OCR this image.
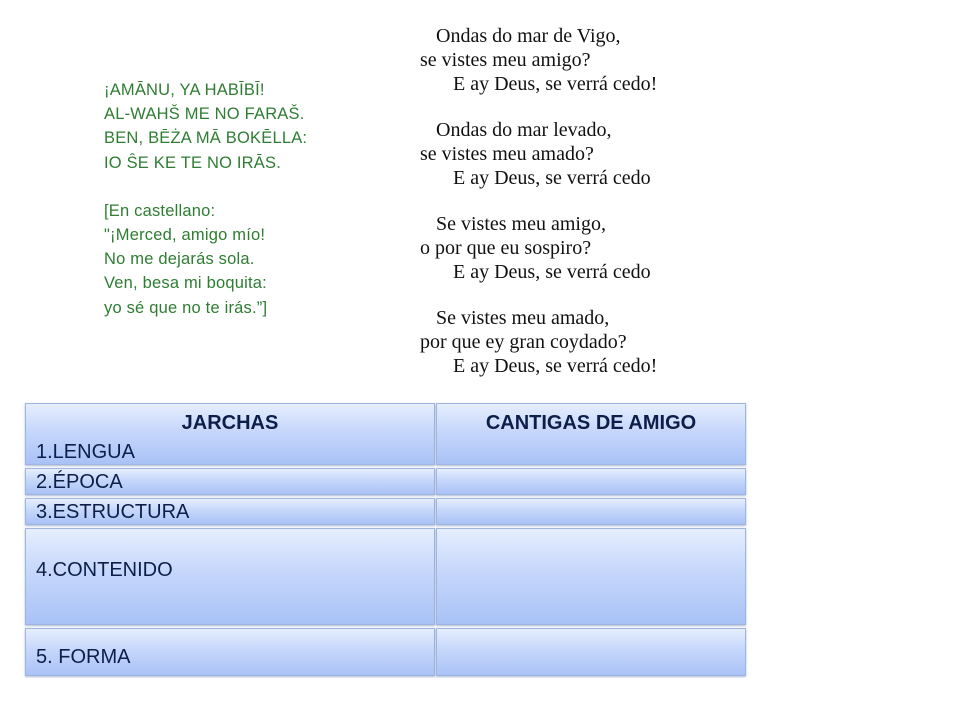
¡AMĀNU, YA HABĪBĪ!
AL-WAHŠ ME NO FARAŠ.
BEN, BĒŻA MĀ BOKĒLLA:
IO ŜE KE TE NO IRĀS.
[En castellano:
"¡Merced, amigo mío!
No me dejarás sola.
Ven, besa mi boquita:
yo sé que no te irás.”]
Ondas do mar de Vigo,
se vistes meu amigo?
E ay Deus, se verrá cedo!
Ondas do mar levado,
se vistes meu amado?
E ay Deus, se verrá cedo
Se vistes meu amigo,
o por que eu sospiro?
E ay Deus, se verrá cedo
Se vistes meu amado,
por que ey gran coydado?
E ay Deus, se verrá cedo!
JARCHAS
1.LENGUA
CANTIGAS DE AMIGO
2.ÉPOCA
3.ESTRUCTURA
4.CONTENIDO
5. FORMA
